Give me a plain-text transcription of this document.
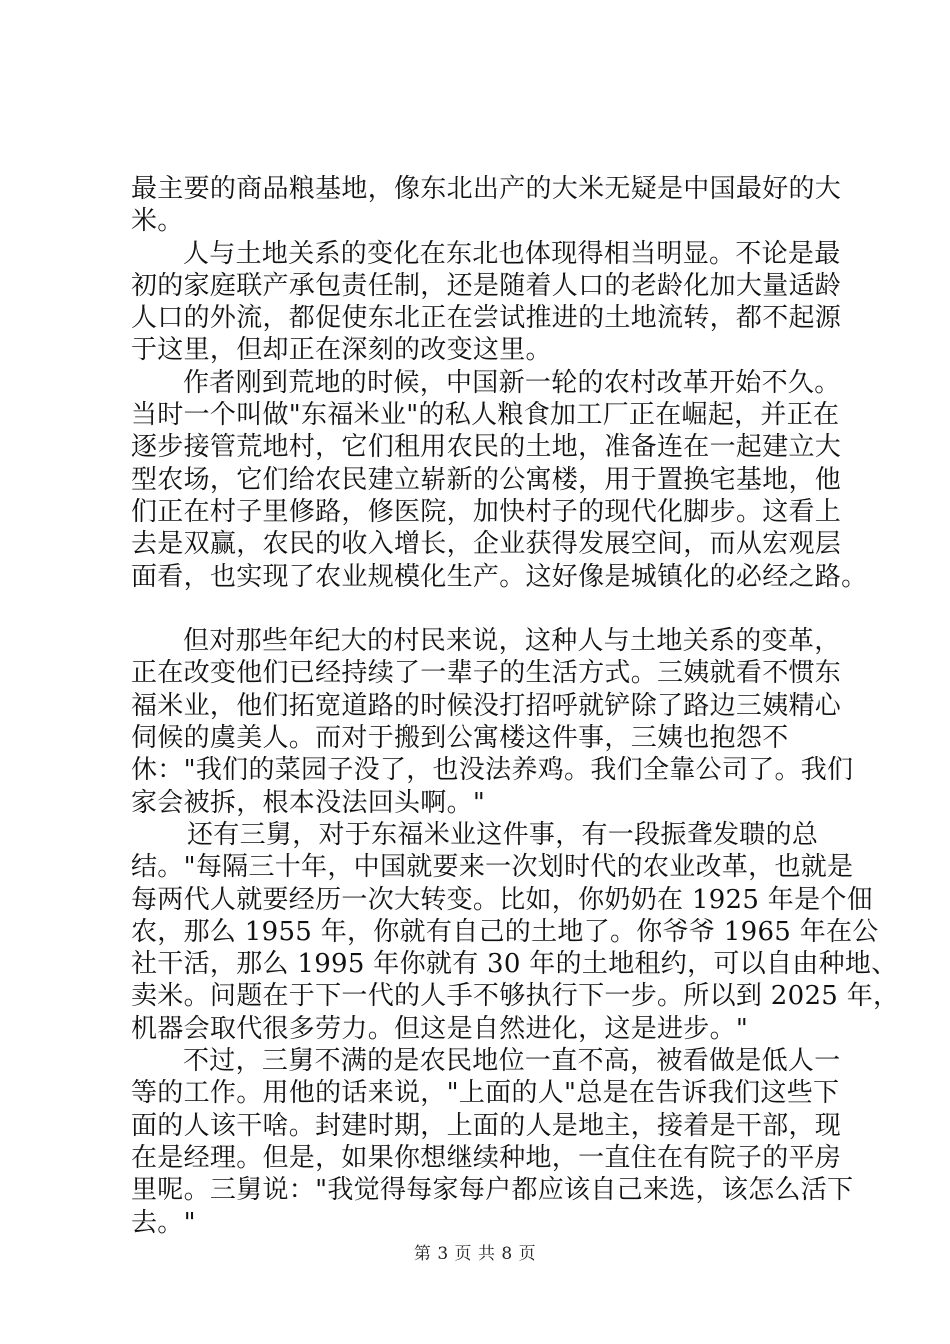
最主要的商品粮基地，像东北出产的大米无疑是中国最好的大
米。
人与土地关系的变化在东北也体现得相当明显。不论是最
初的家庭联产承包责任制，还是随着人口的老龄化加大量适龄
人口的外流，都促使东北正在尝试推进的土地流转，都不起源
于这里，但却正在深刻的改变这里。
作者刚到荒地的时候，中国新一轮的农村改革开始不久。
当时一个叫做"东福米业"的私人粮食加工厂正在崛起，并正在
逐步接管荒地村，它们租用农民的土地，准备连在一起建立大
型农场，它们给农民建立崭新的公寓楼，用于置换宅基地，他
们正在村子里修路，修医院，加快村子的现代化脚步。这看上
去是双赢，农民的收入增长，企业获得发展空间，而从宏观层
面看，也实现了农业规模化生产。这好像是城镇化的必经之路。
但对那些年纪大的村民来说，这种人与土地关系的变革，
正在改变他们已经持续了一辈子的生活方式。三姨就看不惯东
福米业，他们拓宽道路的时候没打招呼就铲除了路边三姨精心
伺候的虞美人。而对于搬到公寓楼这件事，三姨也抱怨不
休："我们的菜园子没了，也没法养鸡。我们全靠公司了。我们
家会被拆，根本没法回头啊。"
还有三舅，对于东福米业这件事，有一段振聋发聩的总
结。"每隔三十年，中国就要来一次划时代的农业改革，也就是
每两代人就要经历一次大转变。比如，你奶奶在 1925 年是个佃
农，那么 1955 年，你就有自己的土地了。你爷爷 1965 年在公
社干活，那么 1995 年你就有 30 年的土地租约，可以自由种地、
卖米。问题在于下一代的人手不够执行下一步。所以到 2025 年，
机器会取代很多劳力。但这是自然进化，这是进步。"
不过，三舅不满的是农民地位一直不高，被看做是低人一
等的工作。用他的话来说，"上面的人"总是在告诉我们这些下
面的人该干啥。封建时期，上面的人是地主，接着是干部，现
在是经理。但是，如果你想继续种地，一直住在有院子的平房
里呢。三舅说："我觉得每家每户都应该自己来选，该怎么活下
去。"
第 3 页 共 8 页
